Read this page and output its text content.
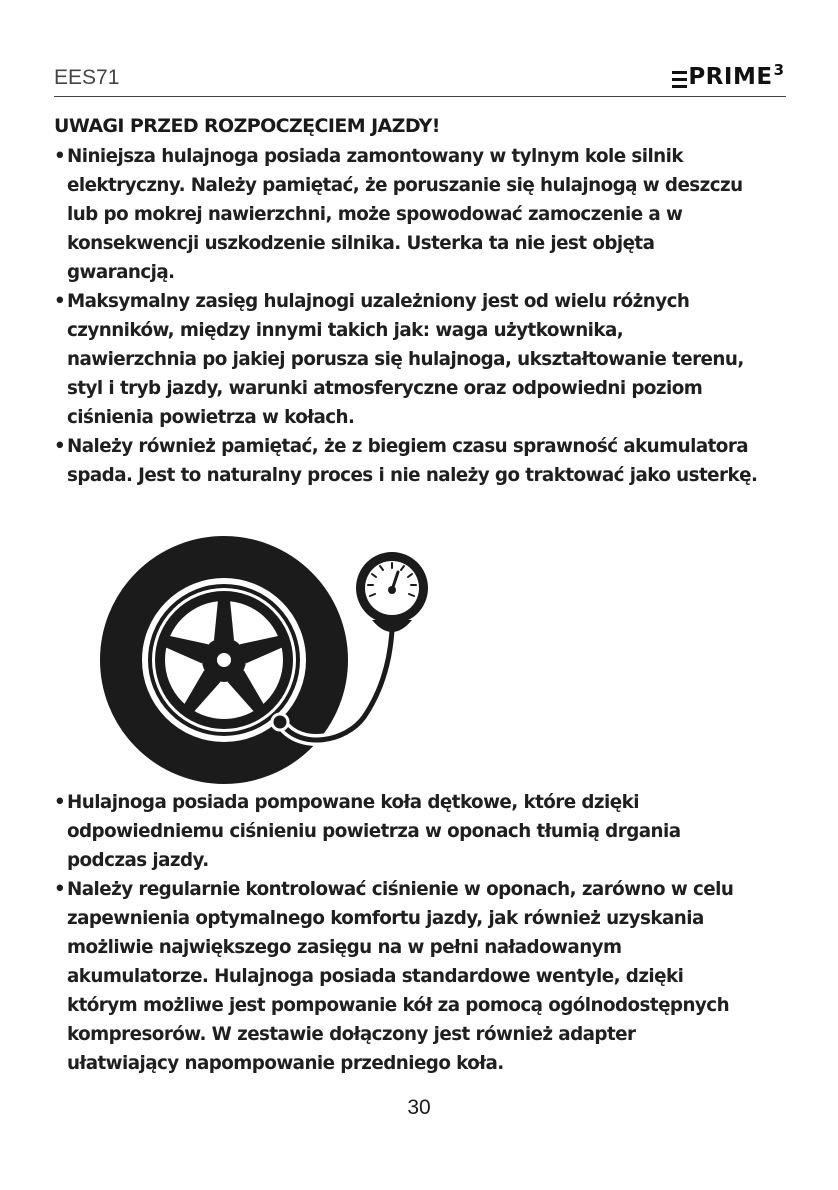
EES71	PRIME 3
UWAGI PRZED ROZPOCZĘCIEM JAZDY!
• Niniejsza hulajnoga posiada zamontowany w tylnym kole silnik
elektryczny. Należy pamiętać, że poruszanie się hulajnogą w deszczu
lub po mokrej nawierzchni, może spowodować zamoczenie a w
konsekwencji uszkodzenie silnika. Usterka ta nie jest objęta
gwarancją.
• Maksymalny zasięg hulajnogi uzależniony jest od wielu różnych
czynników, między innymi takich jak: waga użytkownika,
nawierzchnia po jakiej porusza się hulajnoga, ukształtowanie terenu,
styl i tryb jazdy, warunki atmosferyczne oraz odpowiedni poziom
ciśnienia powietrza w kołach.
• Należy również pamiętać, że z biegiem czasu sprawność akumulatora
spada. Jest to naturalny proces i nie należy go traktować jako usterkę.
• Hulajnoga posiada pompowane koła dętkowe, które dzięki
odpowiedniemu ciśnieniu powietrza w oponach tłumią drgania
podczas jazdy.
• Należy regularnie kontrolować ciśnienie w oponach, zarówno w celu
zapewnienia optymalnego komfortu jazdy, jak również uzyskania
możliwie największego zasięgu na w pełni naładowanym
akumulatorze. Hulajnoga posiada standardowe wentyle, dzięki
którym możliwe jest pompowanie kół za pomocą ogólnodostępnych
kompresorów. W zestawie dołączony jest również adapter
ułatwiający napompowanie przedniego koła.
30
